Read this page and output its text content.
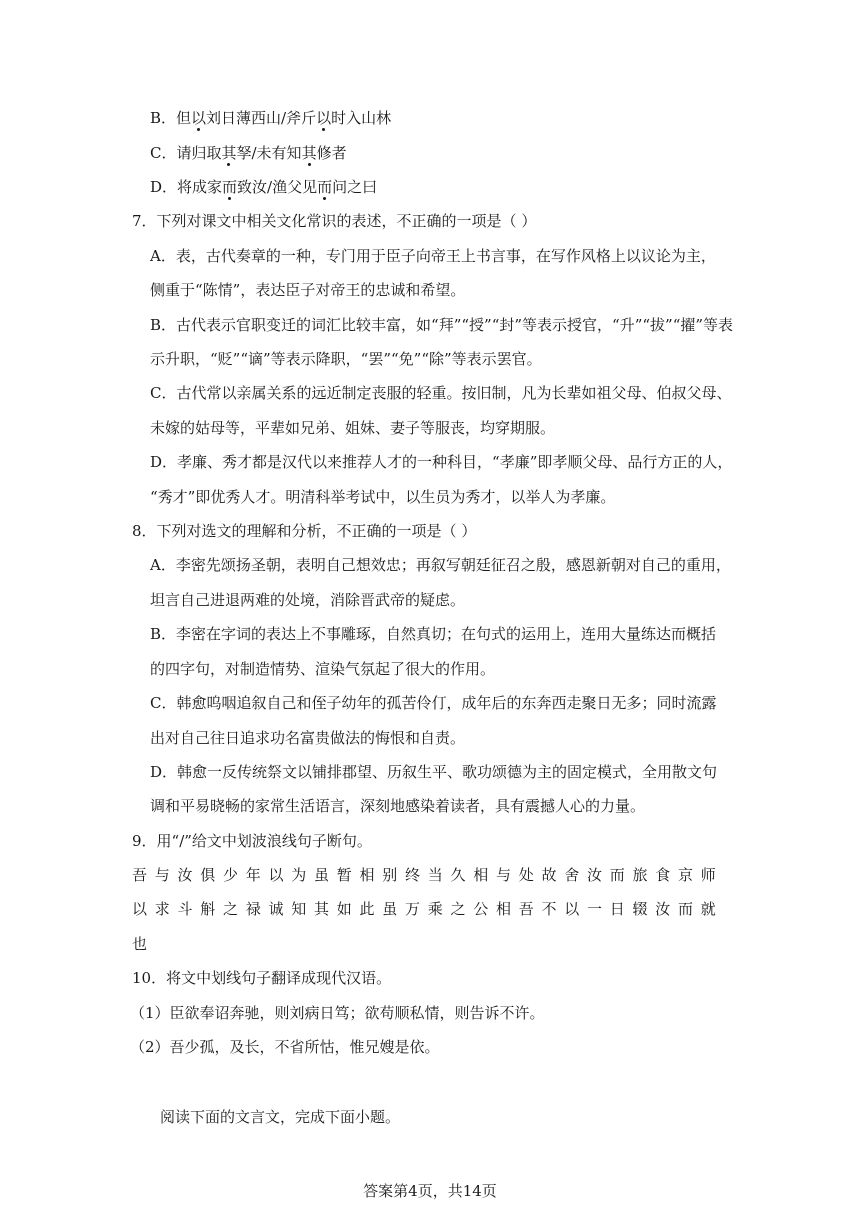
B．但以刘日薄西山/斧斤以时入山林
C．请归取其孥/未有知其修者
D．将成家而致汝/渔父见而问之曰
7．下列对课文中相关文化常识的表述，不正确的一项是（ ）
A．表，古代奏章的一种，专门用于臣子向帝王上书言事，在写作风格上以议论为主，
侧重于“陈情”，表达臣子对帝王的忠诚和希望。
B．古代表示官职变迁的词汇比较丰富，如“拜”“授”“封”等表示授官，“升”“拔”“擢”等表
示升职，“贬”“谪”等表示降职，“罢”“免”“除”等表示罢官。
C．古代常以亲属关系的远近制定丧服的轻重。按旧制，凡为长辈如祖父母、伯叔父母、
未嫁的姑母等，平辈如兄弟、姐妹、妻子等服丧，均穿期服。
D．孝廉、秀才都是汉代以来推荐人才的一种科目，“孝廉”即孝顺父母、品行方正的人，
“秀才”即优秀人才。明清科举考试中，以生员为秀才，以举人为孝廉。
8．下列对选文的理解和分析，不正确的一项是（ ）
A．李密先颂扬圣朝，表明自己想效忠；再叙写朝廷征召之殷，感恩新朝对自己的重用，
坦言自己进退两难的处境，消除晋武帝的疑虑。
B．李密在字词的表达上不事雕琢，自然真切；在句式的运用上，连用大量练达而概括
的四字句，对制造情势、渲染气氛起了很大的作用。
C．韩愈呜咽追叙自己和侄子幼年的孤苦伶仃，成年后的东奔西走聚日无多；同时流露
出对自己往日追求功名富贵做法的悔恨和自责。
D．韩愈一反传统祭文以铺排郡望、历叙生平、歌功颂德为主的固定模式，全用散文句
调和平易晓畅的家常生活语言，深刻地感染着读者，具有震撼人心的力量。
9．用“/”给文中划波浪线句子断句。
吾 与 汝 俱 少 年 以 为 虽 暂 相 别 终 当 久 相 与 处 故 舍 汝 而 旅 食 京 师
以 求 斗 斛 之 禄 诚 知 其 如 此 虽 万 乘 之 公 相 吾 不 以 一 日 辍 汝 而 就
也
10．将文中划线句子翻译成现代汉语。
（1）臣欲奉诏奔驰，则刘病日笃；欲苟顺私情，则告诉不许。
（2）吾少孤，及长，不省所怙，惟兄嫂是依。
阅读下面的文言文，完成下面小题。
答案第4页，共14页
